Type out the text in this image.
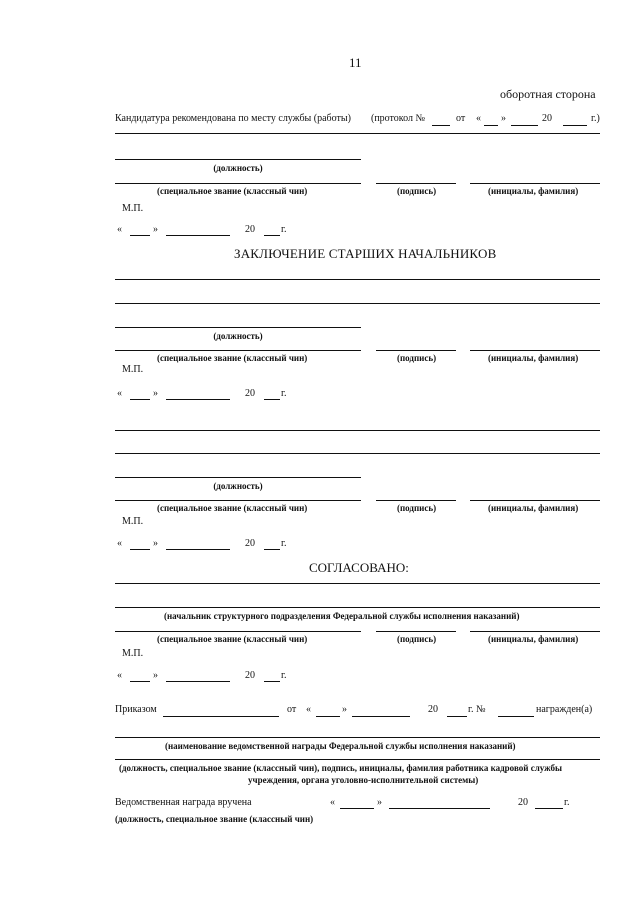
11
оборотная сторона
Кандидатура рекомендована по месту службы (работы) (протокол №	от « »	20	г.)
(должность)
(специальное звание (классный чин)	(подпись)	(инициалы, фамилия)
М.П.
«	»	20	г.
ЗАКЛЮЧЕНИЕ СТАРШИХ НАЧАЛЬНИКОВ
(должность)
(специальное звание (классный чин)	(подпись)	(инициалы, фамилия)
М.П.
«	»	20	г.
(должность)
(специальное звание (классный чин)	(подпись)	(инициалы, фамилия)
М.П.
«	»	20	г.
СОГЛАСОВАНО:
(начальник структурного подразделения Федеральной службы исполнения наказаний)
(специальное звание (классный чин)	(подпись)	(инициалы, фамилия)
М.П.
«	»	20	г.
Приказом	от «	»	20	г. №	награжден(а)
(наименование ведомственной награды Федеральной службы исполнения наказаний)
(должность, специальное звание (классный чин), подпись, инициалы, фамилия работника кадровой службы
учреждения, органа уголовно-исполнительной системы)
Ведомственная награда вручена	«	»	20	г.
(должность, специальное звание (классный чин)
